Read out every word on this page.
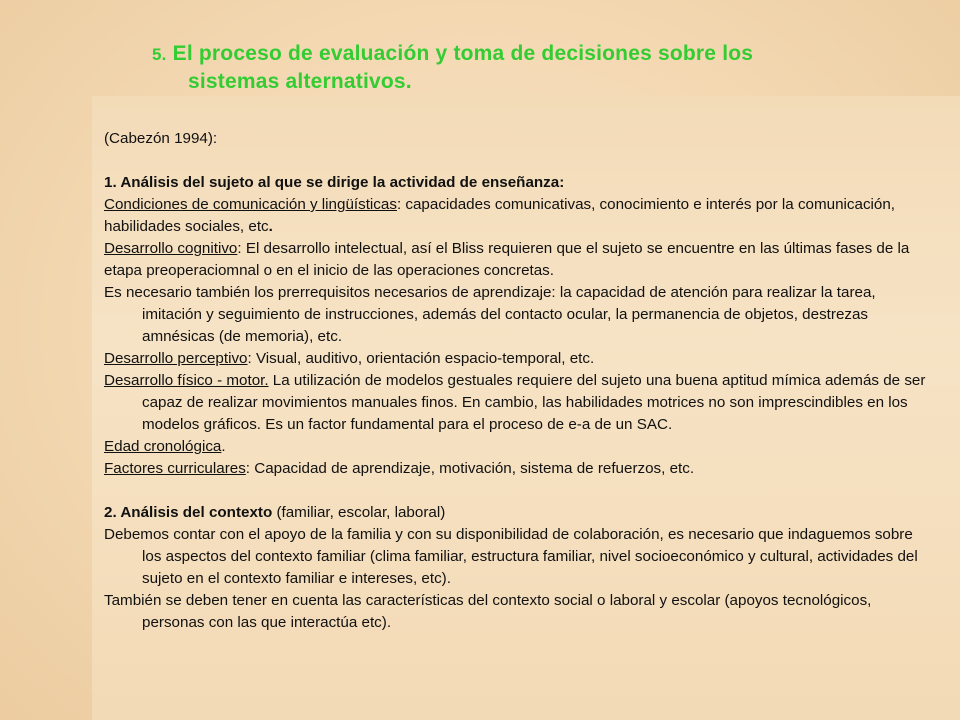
5. El proceso de evaluación y toma de decisiones sobre los
sistemas alternativos.

(Cabezón 1994):

1. Análisis del sujeto al que se dirige la actividad de enseñanza:

Condiciones de comunicación y lingüísticas: capacidades comunicativas, conocimiento e interés por la comunicación, habilidades sociales, etc.

Desarrollo cognitivo: El desarrollo intelectual, así el Bliss requieren que el sujeto se encuentre en las últimas fases de la etapa preoperaciomnal o en el inicio de las operaciones concretas.

Es necesario también los prerrequisitos necesarios de aprendizaje: la capacidad de atención para realizar la tarea, imitación y seguimiento de instrucciones, además del contacto ocular, la permanencia de objetos, destrezas amnésicas (de memoria), etc.

Desarrollo perceptivo: Visual, auditivo, orientación espacio-temporal, etc.

Desarrollo físico - motor. La utilización de modelos gestuales requiere del sujeto una buena aptitud mímica además de ser capaz de realizar movimientos manuales finos. En cambio, las habilidades motrices no son imprescindibles en los modelos gráficos. Es un factor fundamental para el proceso de e-a de un SAC.

Edad cronológica.

Factores curriculares: Capacidad de aprendizaje, motivación, sistema de refuerzos, etc.

2. Análisis del contexto (familiar, escolar, laboral)

Debemos contar con el apoyo de la familia y con su disponibilidad de colaboración, es necesario que indaguemos sobre los aspectos del contexto familiar (clima familiar, estructura familiar, nivel socioeconómico y cultural, actividades del sujeto en el contexto familiar e intereses, etc).

También se deben tener en cuenta las características del contexto social o laboral y escolar (apoyos tecnológicos, personas con las que interactúa etc).
